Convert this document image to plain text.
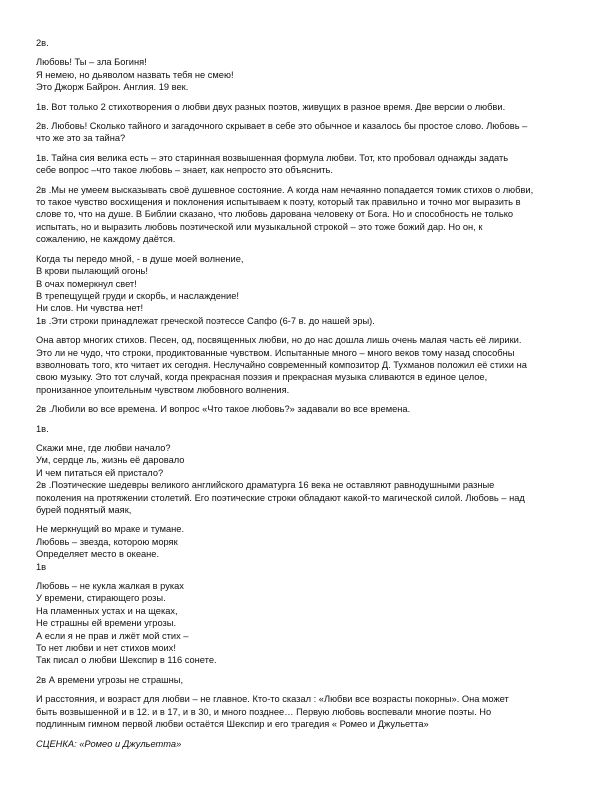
2в.
Любовь! Ты – зла Богиня!
Я немею, но дьяволом назвать тебя не смею!
Это Джорж Байрон. Англия. 19 век.
1в. Вот только 2 стихотворения о любви двух разных поэтов, живущих в разное время. Две версии о любви.
2в. Любовь! Сколько тайного и загадочного скрывает в себе это обычное и казалось бы простое слово. Любовь –
что же это за тайна?
1в. Тайна сия велика есть – это старинная возвышенная формула любви. Тот, кто пробовал однажды задать
себе вопрос –что такое любовь – знает, как непросто это объяснить.
2в .Мы не умеем высказывать своё душевное состояние. А когда нам нечаянно попадается томик стихов о любви,
то такое чувство восхищения и поклонения испытываем к поэту, который так правильно и точно мог выразить в
слове то, что на душе. В Библии сказано, что любовь дарована человеку от Бога. Но и способность не только
испытать, но и выразить любовь поэтической или музыкальной строкой – это тоже божий дар. Но он, к
сожалению, не каждому даётся.
Когда ты передо мной, - в душе моей волнение,
В крови пылающий огонь!
В очах померкнул свет!
В трепещущей груди и скорбь, и наслаждение!
Ни слов. Ни чувства нет!
1в .Эти строки принадлежат греческой поэтессе Сапфо (6-7 в. до нашей эры).
Она автор многих стихов. Песен, од, посвященных любви, но до нас дошла лишь очень малая часть её лирики.
Это ли не чудо, что строки, продиктованные чувством. Испытанные много – много веков тому назад способны
взволновать того, кто читает их сегодня. Неслучайно современный композитор Д. Тухманов положил её стихи на
свою музыку. Это тот случай, когда прекрасная поэзия и прекрасная музыка сливаются в единое целое,
пронизанное упоительным чувством любовного волнения.
2в .Любили во все времена. И вопрос «Что такое любовь?» задавали во все времена.
1в.
Скажи мне, где любви начало?
Ум, сердце ль, жизнь её даровало
И чем питаться ей пристало?
2в .Поэтические шедевры великого английского драматурга 16 века не оставляют равнодушными разные
поколения на протяжении столетий. Его поэтические строки обладают какой-то магической силой. Любовь – над
бурей поднятый маяк,
Не меркнущий во мраке и тумане.
Любовь – звезда, которою моряк
Определяет место в океане.
1в
Любовь – не кукла жалкая в руках
У времени, стирающего розы.
На пламенных устах и на щеках,
Не страшны ей времени угрозы.
А если я не прав и лжёт мой стих –
То нет любви и нет стихов моих!
Так писал о любви Шекспир в 116 сонете.
2в А времени угрозы не страшны,
И расстояния, и возраст для любви – не главное. Кто-то сказал : «Любви все возрасты покорны». Она может
быть возвышенной и в 12. и в 17, и в 30, и много позднее… Первую любовь воспевали многие поэты. Но
подлинным гимном первой любви остаётся Шекспир и его трагедия « Ромео и Джульетта»
СЦЕНКА: «Ромео и Джульетта»
